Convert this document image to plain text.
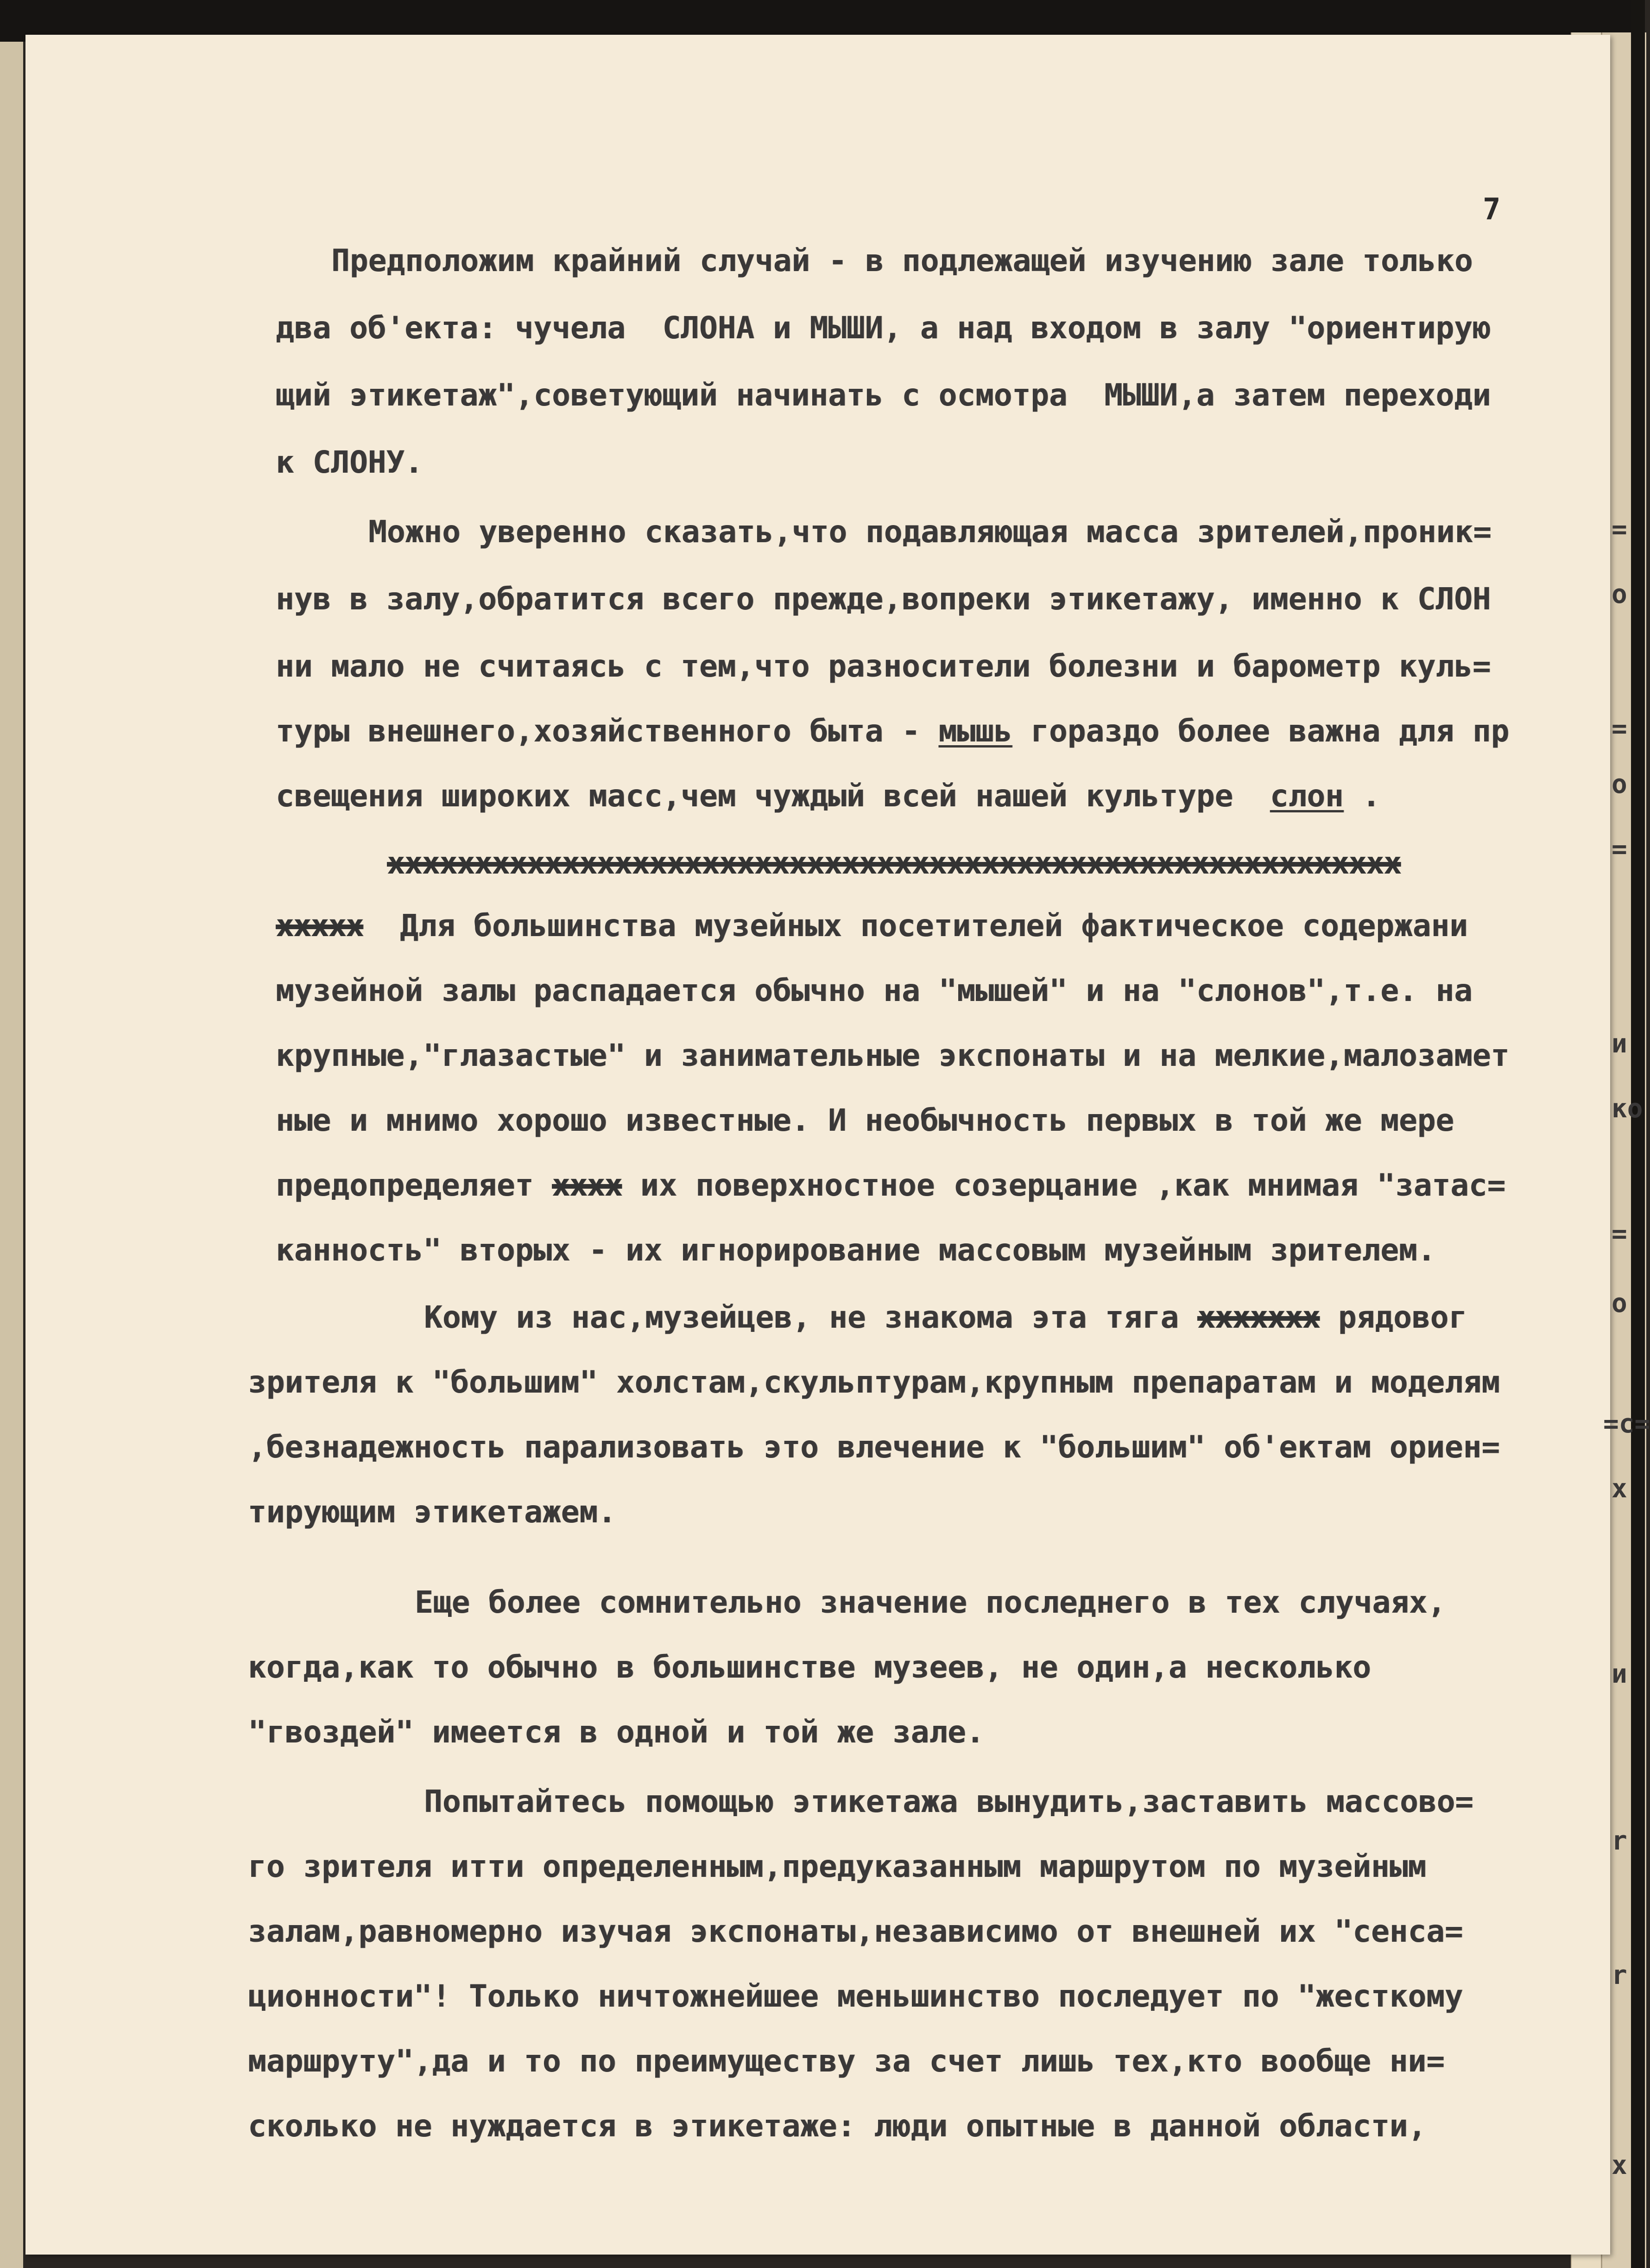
7
Предположим крайний случай - в подлежащей изучению зале только
два об'екта: чучела  СЛОНА и МЫШИ, а над входом в залу "ориентирую
щий этикетаж",советующий начинать с осмотра  МЫШИ,а затем переходи
к СЛОНУ.
Можно уверенно сказать,что подавляющая масса зрителей,проник=
нув в залу,обратится всего прежде,вопреки этикетажу, именно к СЛОН
ни мало не считаясь с тем,что разносители болезни и барометр куль=
туры внешнего,хозяйственного быта - мышь гораздо более важна для пр
свещения широких масс,чем чуждый всей нашей культуре  слон .
xxxxxxxxxxxxxxxxxxxxxxxxxxxxxxxxxxxxxxxxxxxxxxxxxxxxxxxxxx
xxxxx Для большинства музейных посетителей фактическое содержани
музейной залы распадается обычно на "мышей" и на "слонов",т.е. на
крупные,"глазастые" и занимательные экспонаты и на мелкие,малозамет
ные и мнимо хорошо известные. И необычность первых в той же мере
предопределяет xxxx их поверхностное созерцание ,как мнимая "затас=
канность" вторых - их игнорирование массовым музейным зрителем.
Кому из нас,музейцев, не знакома эта тяга xxxxxxx рядовог
зрителя к "большим" холстам,скульптурам,крупным препаратам и моделям
,безнадежность парализовать это влечение к "большим" об'ектам ориен=
тирующим этикетажем.
Еще более сомнительно значение последнего в тех случаях,
когда,как то обычно в большинстве музеев, не один,а несколько
"гвоздей" имеется в одной и той же зале.
Попытайтесь помощью этикетажа вынудить,заставить массово=
го зрителя итти определенным,предуказанным маршрутом по музейным
залам,равномерно изучая экспонаты,независимо от внешней их "сенса=
ционности"! Только ничтожнейшее меньшинство последует по "жесткому
маршруту",да и то по преимуществу за счет лишь тех,кто вообще ни=
сколько не нуждается в этикетаже: люди опытные в данной области,
=
о
=
о
=
и
ко
=
о
=с=
х
и
r
r
x
